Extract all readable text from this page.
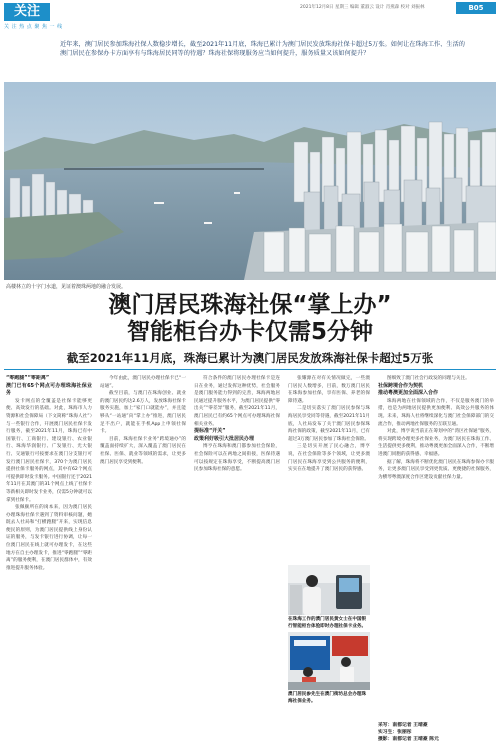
关注
关 注 热 点 聚 焦 一 线
2021年12月8日 星期三 编辑 董淑云 设计 肖燕森 校对 刘振林	B05
近年来，澳门居民参加珠海社保人数稳步增长，截至2021年11月底，珠海已累计为澳门居民发放珠海社保卡超过5万张。如何让在珠海工作、生活的澳门居民在参保办卡方面享有与珠海居民同等的待遇？珠海社保将现服务应当如何提升，服务质量又该如何提升？
高楼林立的十字门水道，见证着澳珠两地的融合发展。
澳门居民珠海社保“掌上办”
智能柜台办卡仅需5分钟
截至2021年11月底，珠海已累计为澳门居民发放珠海社保卡超过5万张
“零跑腿”“零距离”
澳门已有65个网点可办理珠海社保业务
发卡网点的全覆盖是社保卡能够更便、高效发行的基础。对此，珠海市人力资源和社会保障局（下文简称“珠海人社”）与一些银行合作，开展澳门居民社保卡发行服务，截至2021年11月，珠海已有中国银行、工商银行、建设银行、农业银行、珠海华润银行、广发银行、光大银行、交通银行可按要求在澳门分支银行可发行澳门居民社保卡，370个为澳门居民提供社保卡服务的网点，其中有62个网点可提供即时发卡服务。中国银行还于2021年11月在其澳门的31个网点上线了社保卡等新相关即时发卡业务，仅需5分钟就可以拿到社保卡。
张佩颐所在的岗本来，因为澳门居民办理珠海社保卡遇到了资料审核问题，她既去人社局和“打横跑腿”开来，实现信息便民的原则，为澳门居民提供线上身份认证的服务，与发卡银行进行协调，让每一位澳门居民在线上就可办理发卡，在这些地方在自主办理发卡，推进“零跑腿”“零距离”的服务便利，在澳门居民群体中，有效推进提升服务体验。
今年由此，澳门居民办理社保卡已“一站通”。
截至目前，与澳门在珠海创业、就业的澳门居民约达2.6万人，发放珠海社保卡服务实施，加上“家门口就能办”，并且能够从“一站通”向“掌上办”推进，澳门居民足不出户，就能在手机App上申领社保卡。
目前，珠海社保卡业务“跨境通办”的覆盖面持续扩大，深入覆盖了澳门居民在社保、医保、就业等领域的需求，让更多澳门居民享受到便利。
符合条件的澳门居民办理社保卡是连日在业务，通过发挥这种优势，社会服务是澳门服务能力得到的完善，珠海两地居民通过提升服务水平，为澳门居民提供“零出关”“零差异”服务，截至2021年11月，澳门居民已有约65个网点可办理珠海社保相关业务。
提标准“开关”
政策利好吸引大批居民办理
博亨在珠海和澳门都参加社会保险，社会保险可以在两地之间衔接，医保待遇可以按规定在珠海享受，不断提高澳门居民参加珠海社保的意愿。
张耀源在对有关情况做完，一些澳门居民人数增多，目前，数万澳门居民在珠海参加社保，享有医保、养老的保障待遇。
二是切实落实了澳门居民参保与珠海居民享受同等待遇，截至2021年11月底，人社局发布了关于澳门居民参保珠海社保的政策，截至2021年11月，已有超过3万澳门居民参加了珠海社会保险。
三是切实开展了民心融合，博亨说，在社会保险等多个领域，让更多澳门居民在珠海享受到公共服务的便利，实实在在地提升了澳门居民的获得感。
在珠海工作的澳门居民黄女士在中国银行智能柜台体验即时办理社保卡业务。
澳门居民参先生在澳门街坊总会办理珠海社保业务。
图细致丁澳门社会行政发的同理与关注。
社保跨境合作为契机
推动粤澳更加全面深入合作
珠海两地在社保领域的合作，不仅是服务澳门的举措，也是为两地居民提供更加便利、高效公共服务的体现。未来，珠海人社将继续深化与澳门社会保障部门的交流合作，推动两地社保服务的互联互通。
对此，博亨说当前正在筹划中的“湾区社保通”服务，将实现跨境办理更多社保业务，为澳门居民在珠海工作、生活提供更多便利，推动粤澳更加全面深入合作，不断增进澳门同胞的获得感、幸福感。
据了解，珠海将不断优化澳门居民在珠海参保办卡服务，让更多澳门居民享受到更优质、更便捷的社保服务，为横琴粤澳深度合作区建设贡献社保力量。
采写：南都记者 王靖豪
实习生：张丽彤
摄影：南都记者 王靖豪 陈元
